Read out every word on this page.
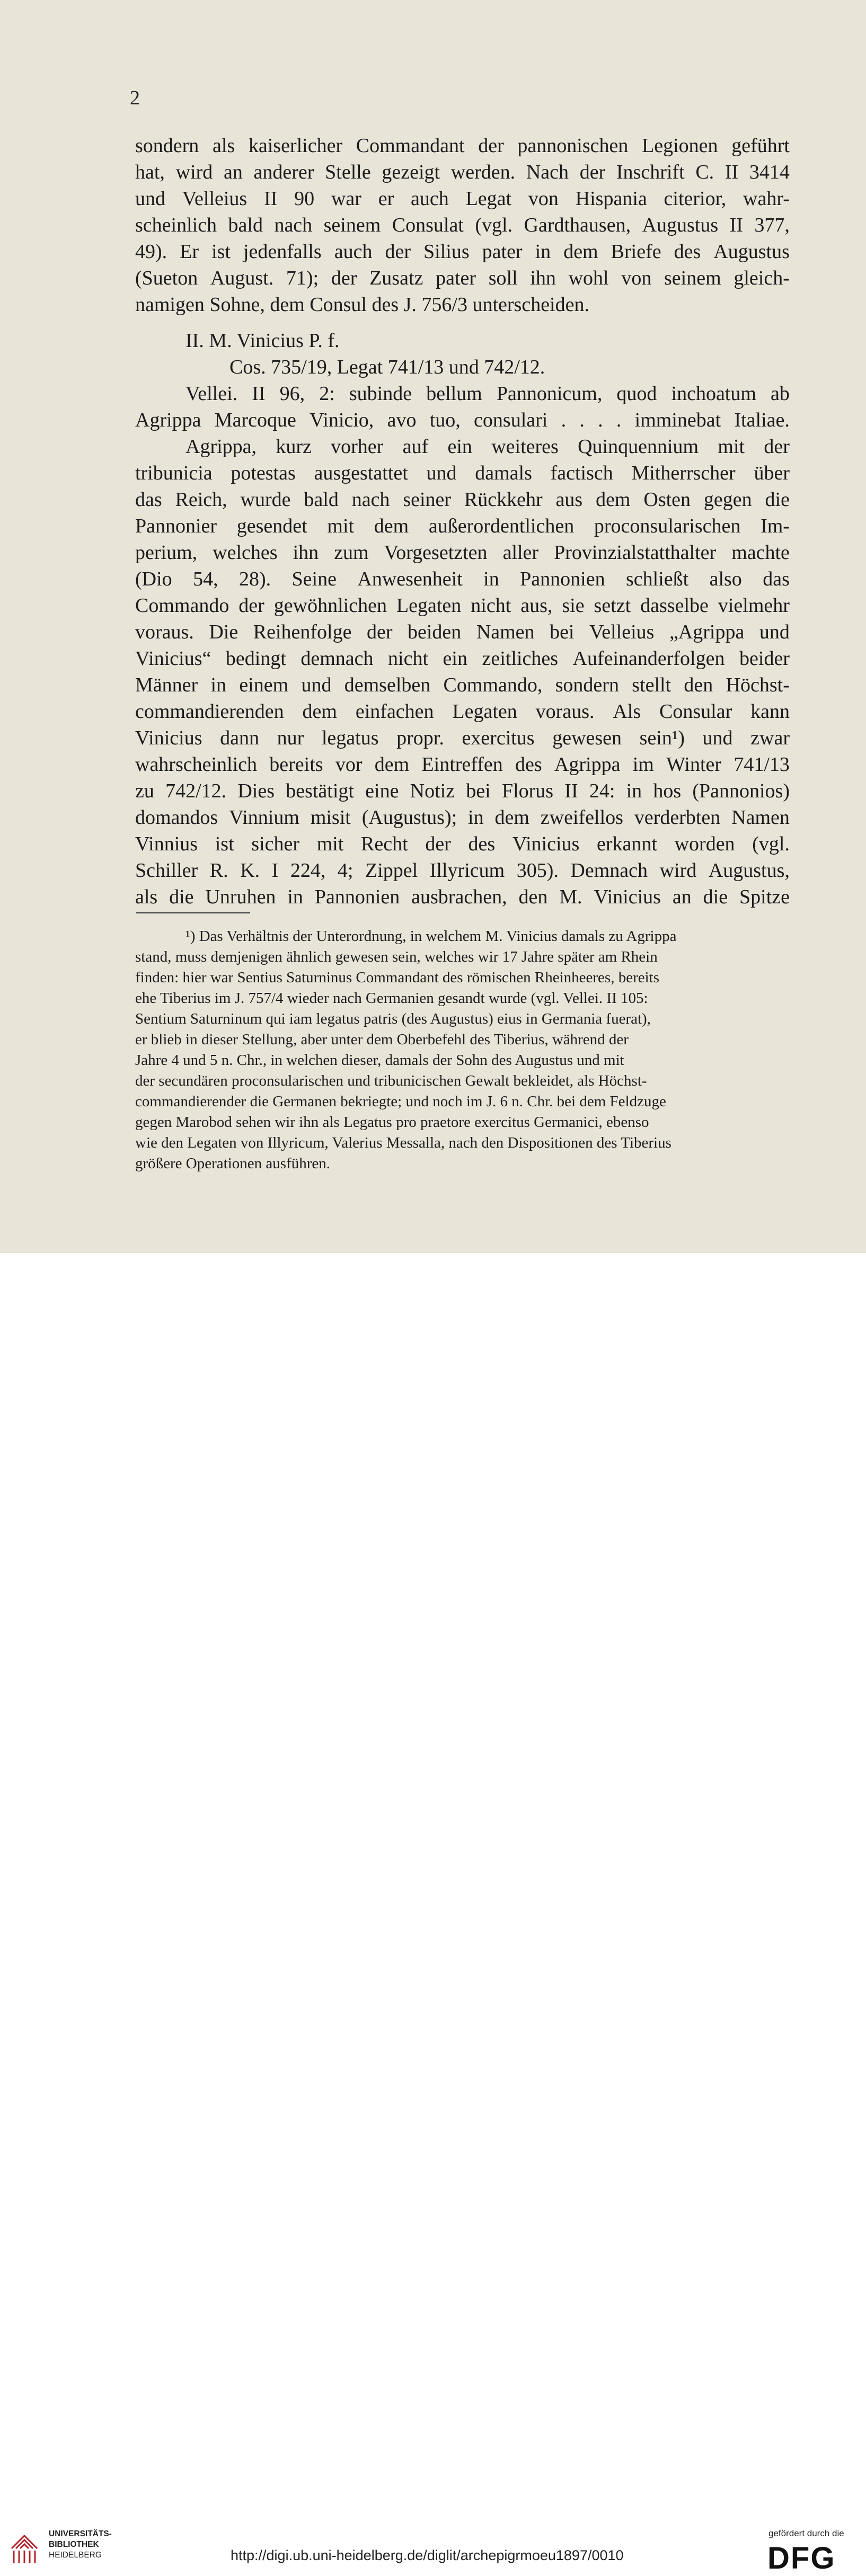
2
sondern als kaiserlicher Commandant der pannonischen Legionen geführt
hat, wird an anderer Stelle gezeigt werden. Nach der Inschrift C. II 3414
und Velleius II 90 war er auch Legat von Hispania citerior, wahr-
scheinlich bald nach seinem Consulat (vgl. Gardthausen, Augustus II 377,
49). Er ist jedenfalls auch der Silius pater in dem Briefe des Augustus
(Sueton August. 71); der Zusatz pater soll ihn wohl von seinem gleich-
namigen Sohne, dem Consul des J. 756/3 unterscheiden.
II. M. Vinicius P. f.
Cos. 735/19, Legat 741/13 und 742/12.
Vellei. II 96, 2: subinde bellum Pannonicum, quod inchoatum ab
Agrippa Marcoque Vinicio, avo tuo, consulari . . . . imminebat Italiae.
Agrippa, kurz vorher auf ein weiteres Quinquennium mit der
tribunicia potestas ausgestattet und damals factisch Mitherrscher über
das Reich, wurde bald nach seiner Rückkehr aus dem Osten gegen die
Pannonier gesendet mit dem außerordentlichen proconsularischen Im-
perium, welches ihn zum Vorgesetzten aller Provinzialstatthalter machte
(Dio 54, 28). Seine Anwesenheit in Pannonien schließt also das
Commando der gewöhnlichen Legaten nicht aus, sie setzt dasselbe vielmehr
voraus. Die Reihenfolge der beiden Namen bei Velleius „Agrippa und
Vinicius“ bedingt demnach nicht ein zeitliches Aufeinanderfolgen beider
Männer in einem und demselben Commando, sondern stellt den Höchst-
commandierenden dem einfachen Legaten voraus. Als Consular kann
Vinicius dann nur legatus propr. exercitus gewesen sein¹) und zwar
wahrscheinlich bereits vor dem Eintreffen des Agrippa im Winter 741/13
zu 742/12. Dies bestätigt eine Notiz bei Florus II 24: in hos (Pannonios)
domandos Vinnium misit (Augustus); in dem zweifellos verderbten Namen
Vinnius ist sicher mit Recht der des Vinicius erkannt worden (vgl.
Schiller R. K. I 224, 4; Zippel Illyricum 305). Demnach wird Augustus,
als die Unruhen in Pannonien ausbrachen, den M. Vinicius an die Spitze
¹) Das Verhältnis der Unterordnung, in welchem M. Vinicius damals zu Agrippa
stand, muss demjenigen ähnlich gewesen sein, welches wir 17 Jahre später am Rhein
finden: hier war Sentius Saturninus Commandant des römischen Rheinheeres, bereits
ehe Tiberius im J. 757/4 wieder nach Germanien gesandt wurde (vgl. Vellei. II 105:
Sentium Saturninum qui iam legatus patris (des Augustus) eius in Germania fuerat),
er blieb in dieser Stellung, aber unter dem Oberbefehl des Tiberius, während der
Jahre 4 und 5 n. Chr., in welchen dieser, damals der Sohn des Augustus und mit
der secundären proconsularischen und tribunicischen Gewalt bekleidet, als Höchst-
commandierender die Germanen bekriegte; und noch im J. 6 n. Chr. bei dem Feldzuge
gegen Marobod sehen wir ihn als Legatus pro praetore exercitus Germanici, ebenso
wie den Legaten von Illyricum, Valerius Messalla, nach den Dispositionen des Tiberius
größere Operationen ausführen.
UNIVERSITÄTS-
BIBLIOTHEK
HEIDELBERG	http://digi.ub.uni-heidelberg.de/diglit/archepigrmoeu1897/0010
gefördert durch die
DFG
